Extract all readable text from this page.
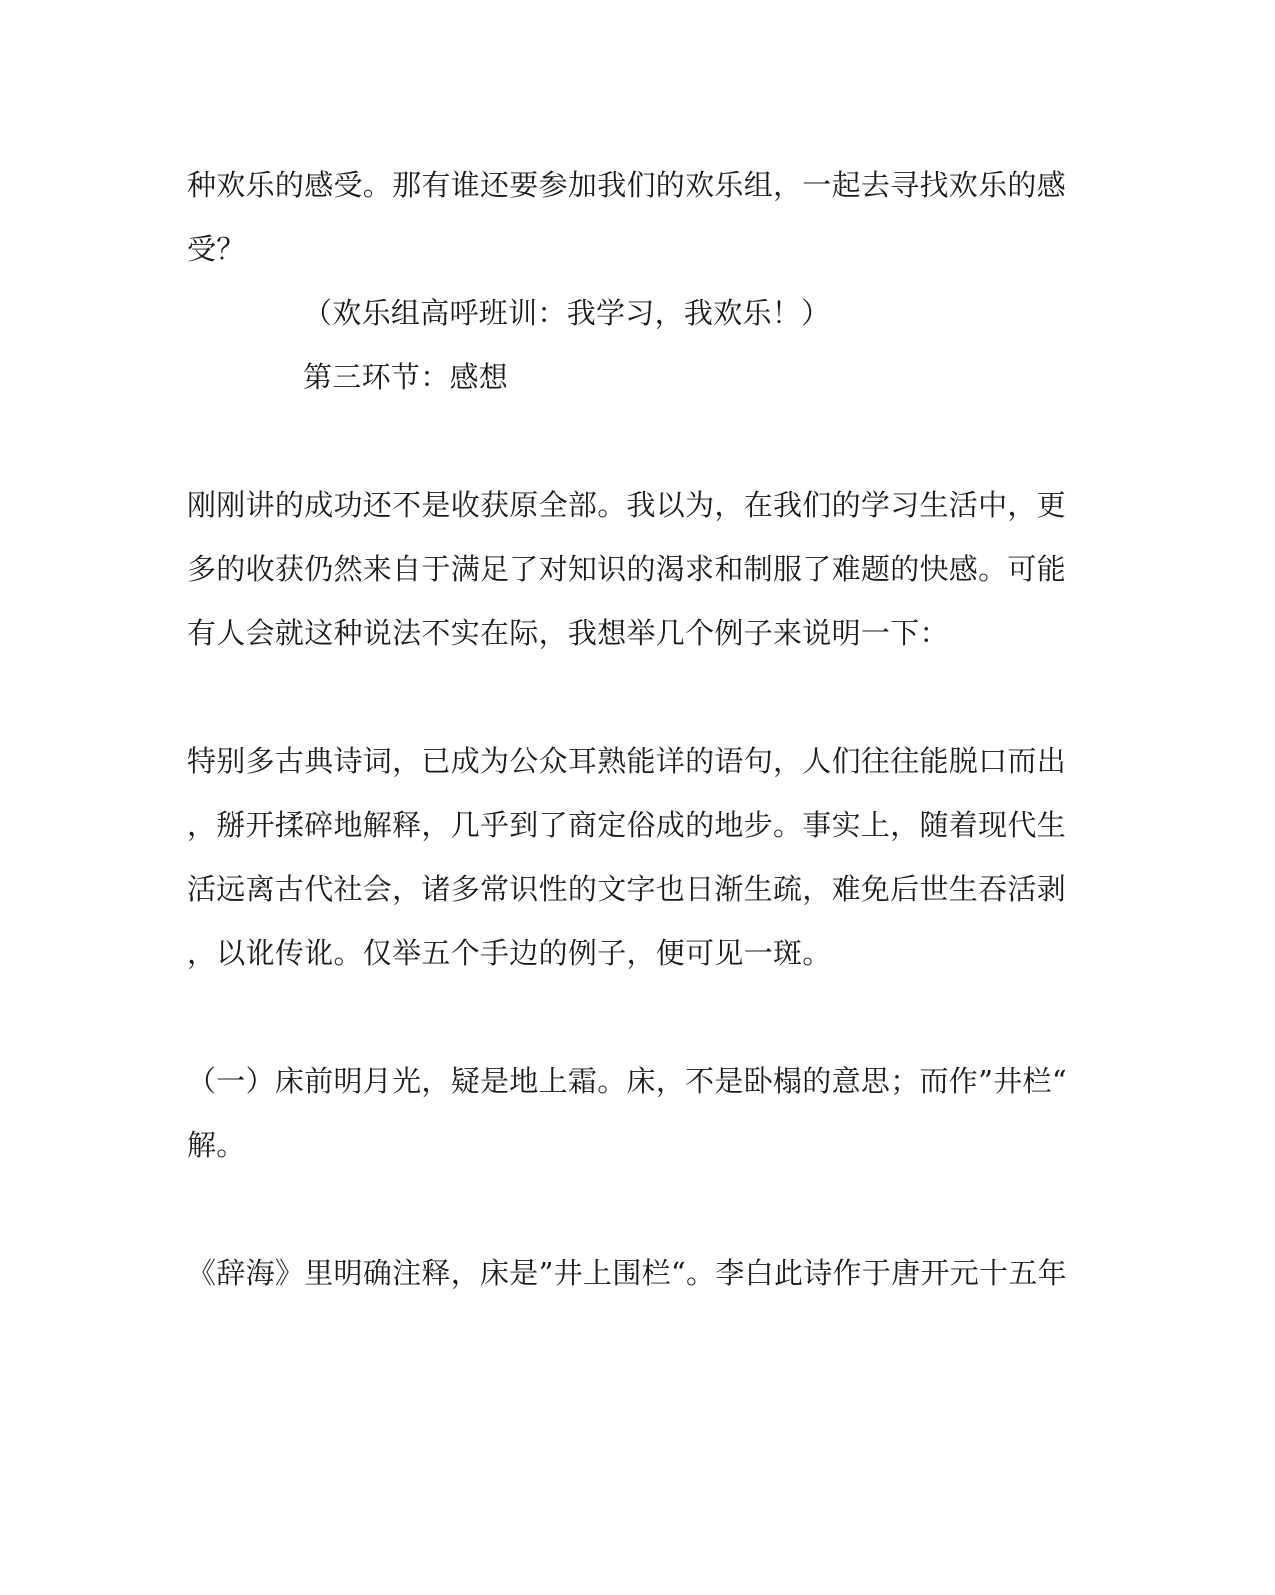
种欢乐的感受。那有谁还要参加我们的欢乐组，一起去寻找欢乐的感
受？
（欢乐组高呼班训：我学习，我欢乐！）
第三环节：感想
刚刚讲的成功还不是收获原全部。我以为，在我们的学习生活中，更
多的收获仍然来自于满足了对知识的渴求和制服了难题的快感。可能
有人会就这种说法不实在际，我想举几个例子来说明一下：
特别多古典诗词，已成为公众耳熟能详的语句，人们往往能脱口而出
，掰开揉碎地解释，几乎到了商定俗成的地步。事实上，随着现代生
活远离古代社会，诸多常识性的文字也日渐生疏，难免后世生吞活剥
，以讹传讹。仅举五个手边的例子，便可见一斑。
（一）床前明月光，疑是地上霜。床，不是卧榻的意思；而作”井栏“
解。
《辞海》里明确注释，床是”井上围栏“。李白此诗作于唐开元十五年
